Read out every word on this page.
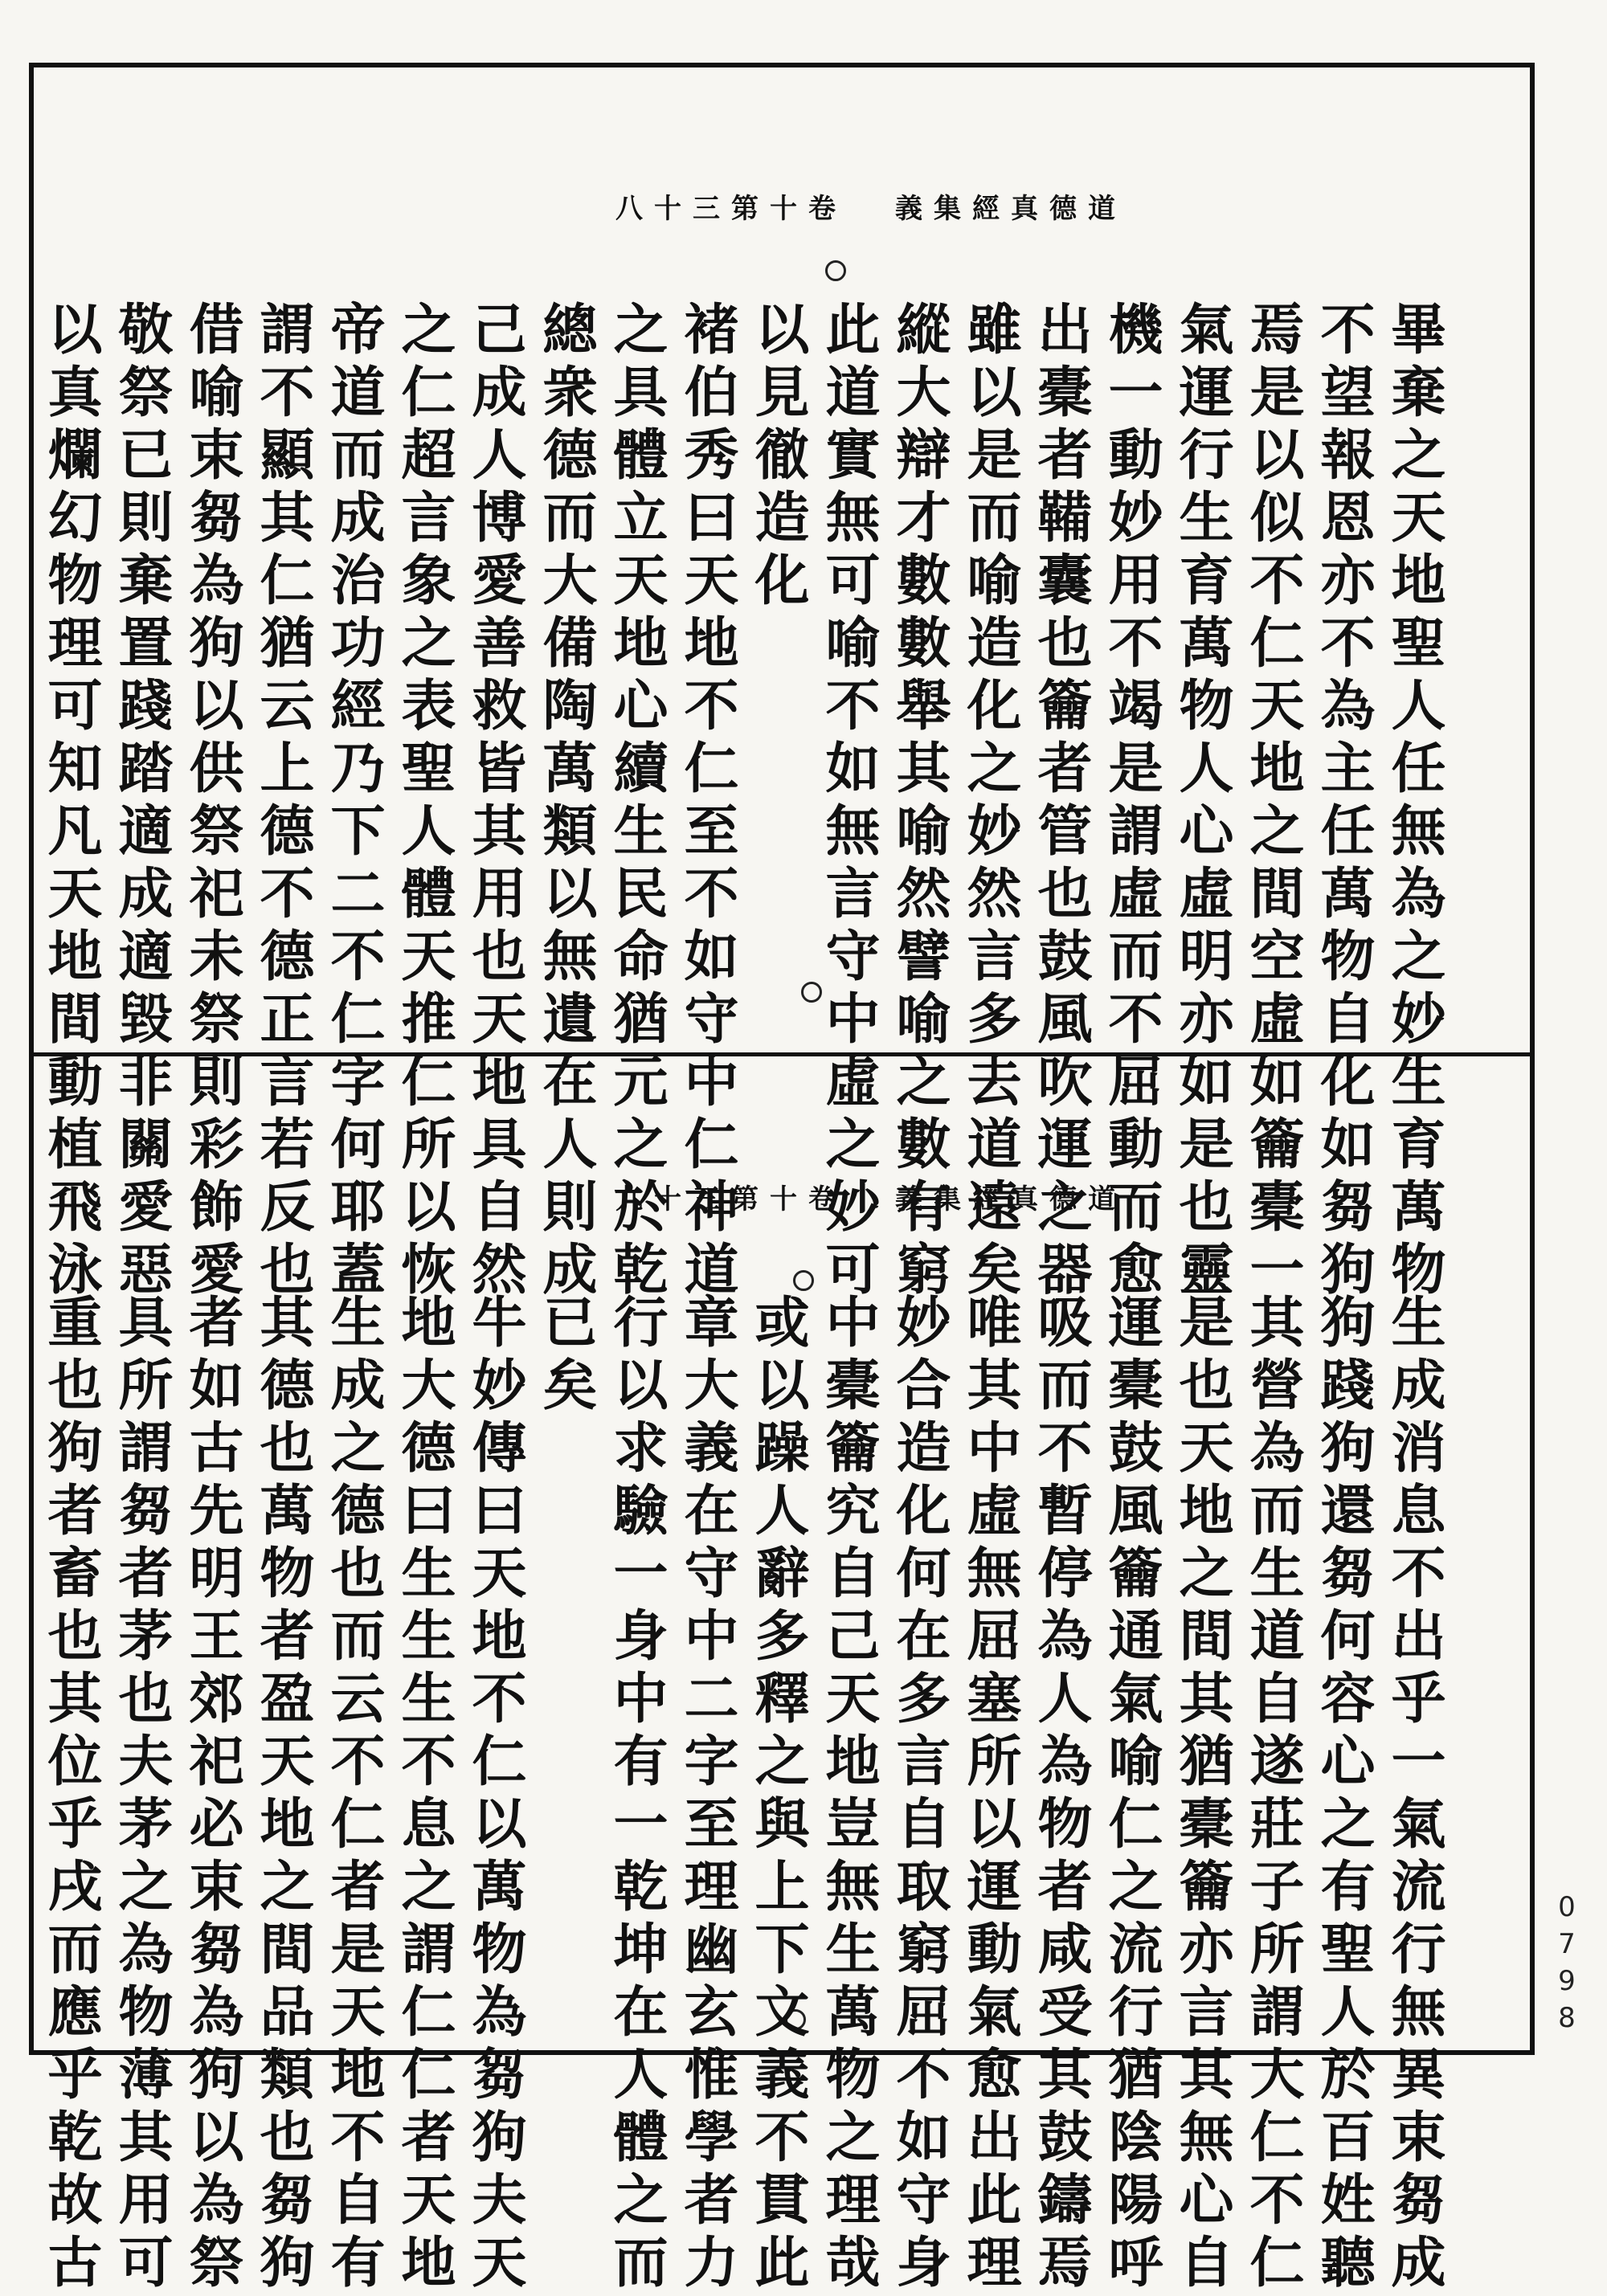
卷十第三十八 道德真經集義
畢棄之天地聖人任無為之妙生育萬物
不望報恩亦不為主任萬物自化如芻狗
焉是以似不仁天地之間空虛如籥橐一
氣運行生育萬物人心虛明亦如是也靈
機一動妙用不竭是謂虛而不屈動而愈
出橐者鞴囊也籥者管也鼓風吹運之器
雖以是而喻造化之妙然言多去道遠矣
縱大辯才數數舉其喻然譬喻之數有窮
此道實無可喻不如無言守中虛之妙可
以見徹造化
褚伯秀曰天地不仁至不如守中仁神道
之具體立天地心續生民命猶元之於乾
總衆德而大備陶萬類以無遺在人則成
己成人博愛善救皆其用也天地具自然
之仁超言象之表聖人體天推仁所以恢
帝道而成治功經乃下二不仁字何耶蓋
謂不顯其仁猶云上德不德正言若反也
借喻束芻為狗以供祭祀未祭則彩飾愛
敬祭已則棄置踐踏適成適毀非關愛惡
以真爛幻物理可知凡天地間動植飛泳	卷十第三十九 道德真經集義
生成消息不出乎一氣流行無異束芻成
狗踐狗還芻何容心之有聖人於百姓聽
其營為而生道自遂莊子所謂大仁不仁
是也天地之間其猶橐籥亦言其無心自
運橐鼓風籥通氣喻仁之流行猶陰陽呼
吸而不暫停為人為物者咸受其鼓鑄焉
唯其中虛無屈塞所以運動氣愈出此理
妙合造化何在多言自取窮屈不如守身
中橐籥究自己天地豈無生萬物之理哉
或以躁人辭多釋之與上下文義不貫此
章大義在守中二字至理幽玄惟學者力
行以求驗一身中有一乾坤在人體之而
已矣
牛妙傳曰天地不仁以萬物為芻狗夫天
地大德曰生生生不息之謂仁仁者天地
生成之德也而云不仁者是天地不自有
其德也萬物者盈天地之間品類也芻狗
者如古先明王郊祀必束芻為狗以為祭
具所謂芻者茅也夫茅之為物薄其用可
重也狗者畜也其位乎戌而應乎乾故古	0798
